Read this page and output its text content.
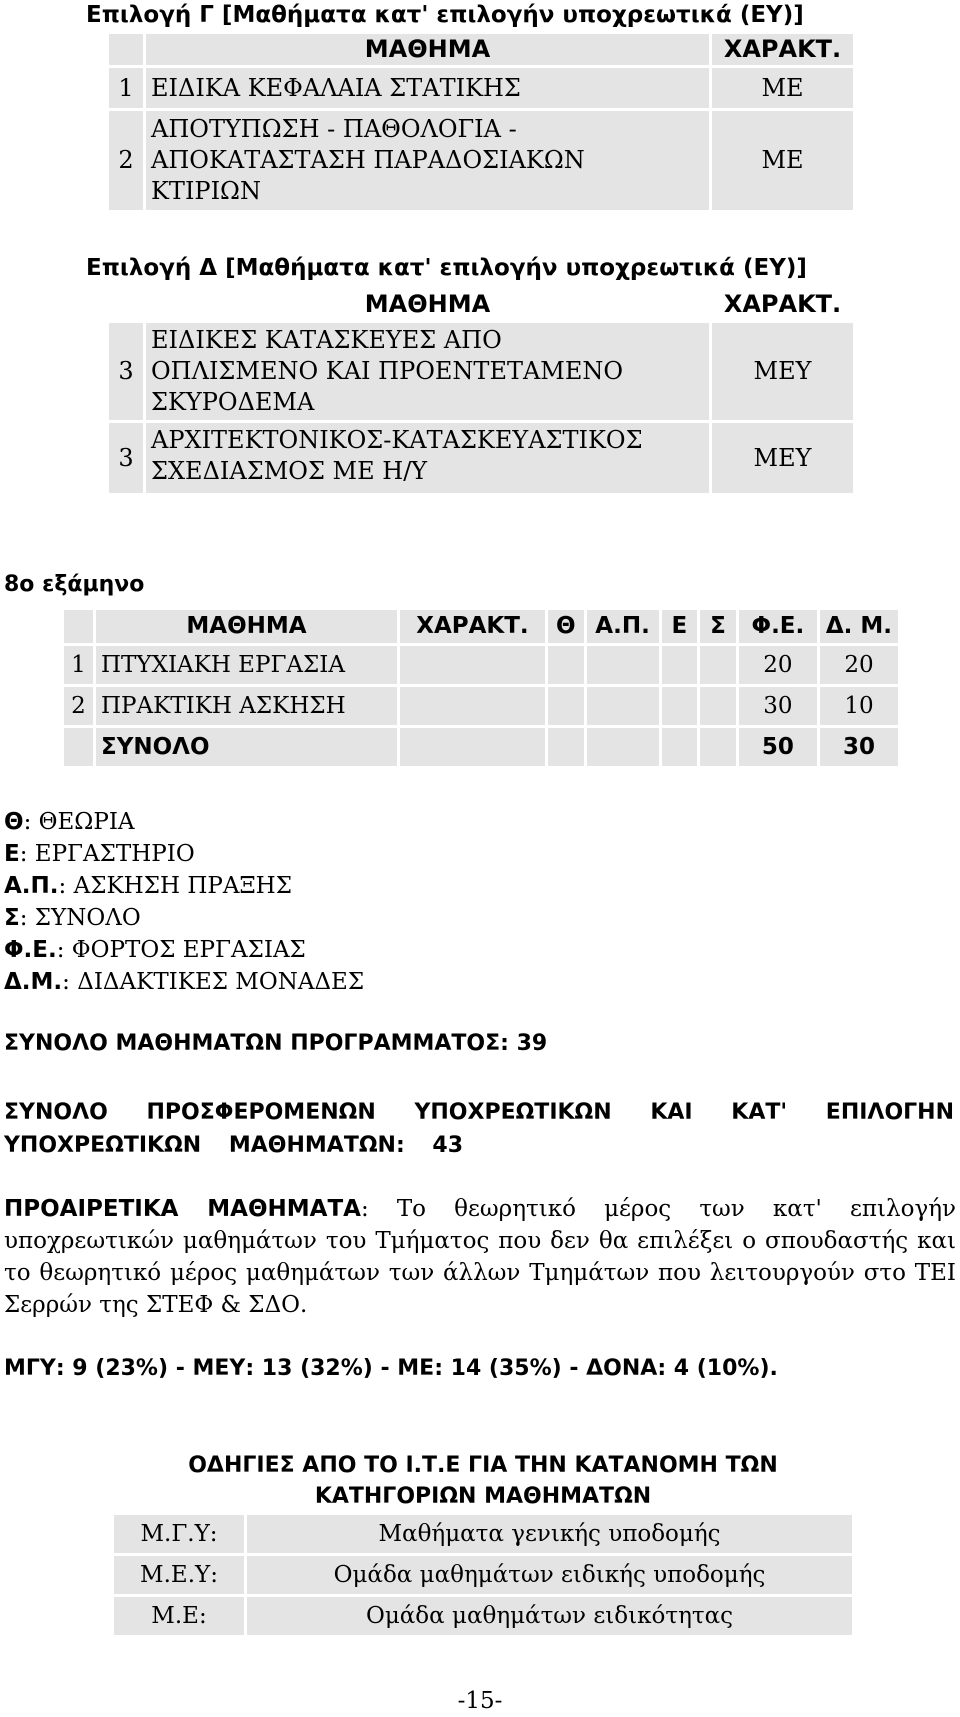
Επιλογή Γ [Μαθήματα κατ' επιλογήν υποχρεωτικά (ΕΥ)]
	ΜΑΘΗΜΑ	ΧΑΡΑΚΤ.
1	ΕΙΔΙΚΑ ΚΕΦΑΛΑΙΑ ΣΤΑΤΙΚΗΣ	ΜΕ
2	ΑΠΟΤΥΠΩΣΗ - ΠΑΘΟΛΟΓΙΑ -
ΑΠΟΚΑΤΑΣΤΑΣΗ ΠΑΡΑΔΟΣΙΑΚΩΝ
ΚΤΙΡΙΩΝ	ΜΕ
Επιλογή Δ [Μαθήματα κατ' επιλογήν υποχρεωτικά (ΕΥ)]
	ΜΑΘΗΜΑ	ΧΑΡΑΚΤ.
3	ΕΙΔΙΚΕΣ ΚΑΤΑΣΚΕΥΕΣ ΑΠΟ
ΟΠΛΙΣΜΕΝΟ ΚΑΙ ΠΡΟΕΝΤΕΤΑΜΕΝΟ
ΣΚΥΡΟΔΕΜΑ	ΜΕΥ
3	ΑΡΧΙΤΕΚΤΟΝΙΚΟΣ-ΚΑΤΑΣΚΕΥΑΣΤΙΚΟΣ
ΣΧΕΔΙΑΣΜΟΣ ΜΕ Η/Υ	ΜΕΥ
8ο εξάμηνο
	ΜΑΘΗΜΑ	ΧΑΡΑΚΤ.	Θ	Α.Π.	Ε	Σ	Φ.Ε.	Δ. Μ.
1	ΠΤΥΧΙΑΚΗ ΕΡΓΑΣΙΑ						20	20
2	ΠΡΑΚΤΙΚΗ ΑΣΚΗΣΗ						30	10
	ΣΥΝΟΛΟ						50	30
Θ: ΘΕΩΡΙΑ
Ε: ΕΡΓΑΣΤΗΡΙΟ
Α.Π.: ΑΣΚΗΣΗ ΠΡΑΞΗΣ
Σ: ΣΥΝΟΛΟ
Φ.Ε.: ΦΟΡΤΟΣ ΕΡΓΑΣΙΑΣ
Δ.Μ.: ΔΙΔΑΚΤΙΚΕΣ ΜΟΝΑΔΕΣ
ΣΥΝΟΛΟ ΜΑΘΗΜΑΤΩΝ ΠΡΟΓΡΑΜΜΑΤΟΣ: 39
ΣΥΝΟΛΟ ΠΡΟΣΦΕΡΟΜΕΝΩΝ ΥΠΟΧΡΕΩΤΙΚΩΝ ΚΑΙ ΚΑΤ' ΕΠΙΛΟΓΗΝ ΥΠΟΧΡΕΩΤΙΚΩΝ ΜΑΘΗΜΑΤΩΝ: 43
ΠΡΟΑΙΡΕΤΙΚΑ ΜΑΘΗΜΑΤΑ: Το θεωρητικό μέρος των κατ' επιλογήν υποχρεωτικών μαθημάτων του Τμήματος που δεν θα επιλέξει ο σπουδαστής και το θεωρητικό μέρος μαθημάτων των άλλων Τμημάτων που λειτουργούν στο ΤΕΙ Σερρών της ΣΤΕΦ & ΣΔΟ.
ΜΓΥ: 9 (23%) - ΜΕΥ: 13 (32%) - ΜΕ: 14 (35%) - ΔΟΝΑ: 4 (10%).
ΟΔΗΓΙΕΣ ΑΠΟ ΤΟ Ι.Τ.Ε ΓΙΑ ΤΗΝ ΚΑΤΑΝΟΜΗ ΤΩΝ
ΚΑΤΗΓΟΡΙΩΝ ΜΑΘΗΜΑΤΩΝ	

Μ.Γ.Υ:	Μαθήματα γενικής υποδομής
Μ.Ε.Υ:	Ομάδα μαθημάτων ειδικής υποδομής
Μ.Ε:	Ομάδα μαθημάτων ειδικότητας
-15-
